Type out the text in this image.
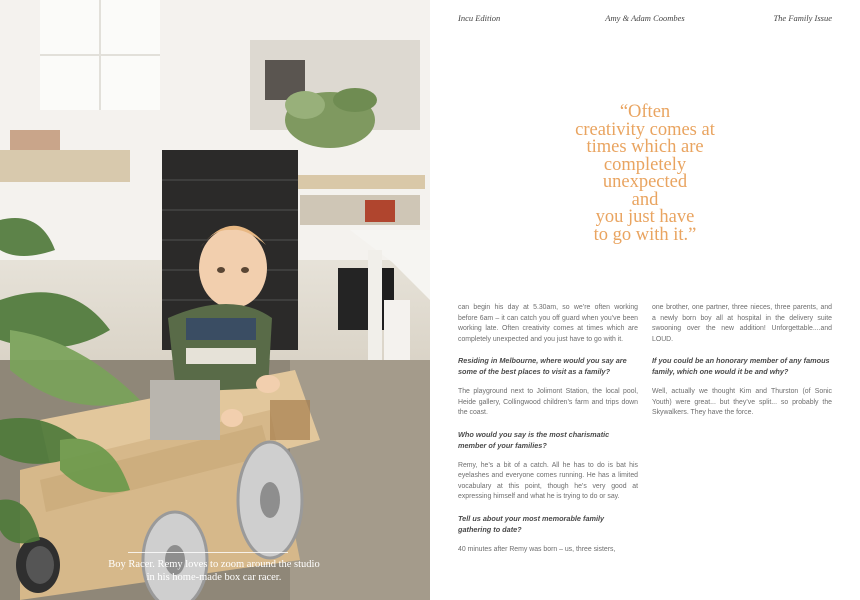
Boy Racer. Remy loves to zoom around the studio
in his home-made box car racer.
Incu Edition	Amy & Adam Coombes	The Family Issue
“Often
creativity comes at
times which are
completely
unexpected
and
you just have
to go with it.”

can begin his day at 5.30am, so we’re often working before 6am – it can catch you off guard when you’ve been working late. Often creativity comes at times which are completely unexpected and you just have to go with it.

Residing in Melbourne, where would you say are some of the best places to visit as a family?

The playground next to Jolimont Station, the local pool, Heide gallery, Collingwood children’s farm and trips down the coast.

Who would you say is the most charismatic member of your families?

Remy, he’s a bit of a catch. All he has to do is bat his eyelashes and everyone comes running. He has a limited vocabulary at this point, though he’s very good at expressing himself and what he is trying to do or say.

Tell us about your most memorable family gathering to date?

40 minutes after Remy was born – us, three sisters,

one brother, one partner, three nieces, three parents, and a newly born boy all at hospital in the delivery suite swooning over the new addition! Unforgettable....and LOUD.

If you could be an honorary member of any famous family, which one would it be and why?

Well, actually we thought Kim and Thurston (of Sonic Youth) were great... but they’ve split... so probably the Skywalkers. They have the force.
